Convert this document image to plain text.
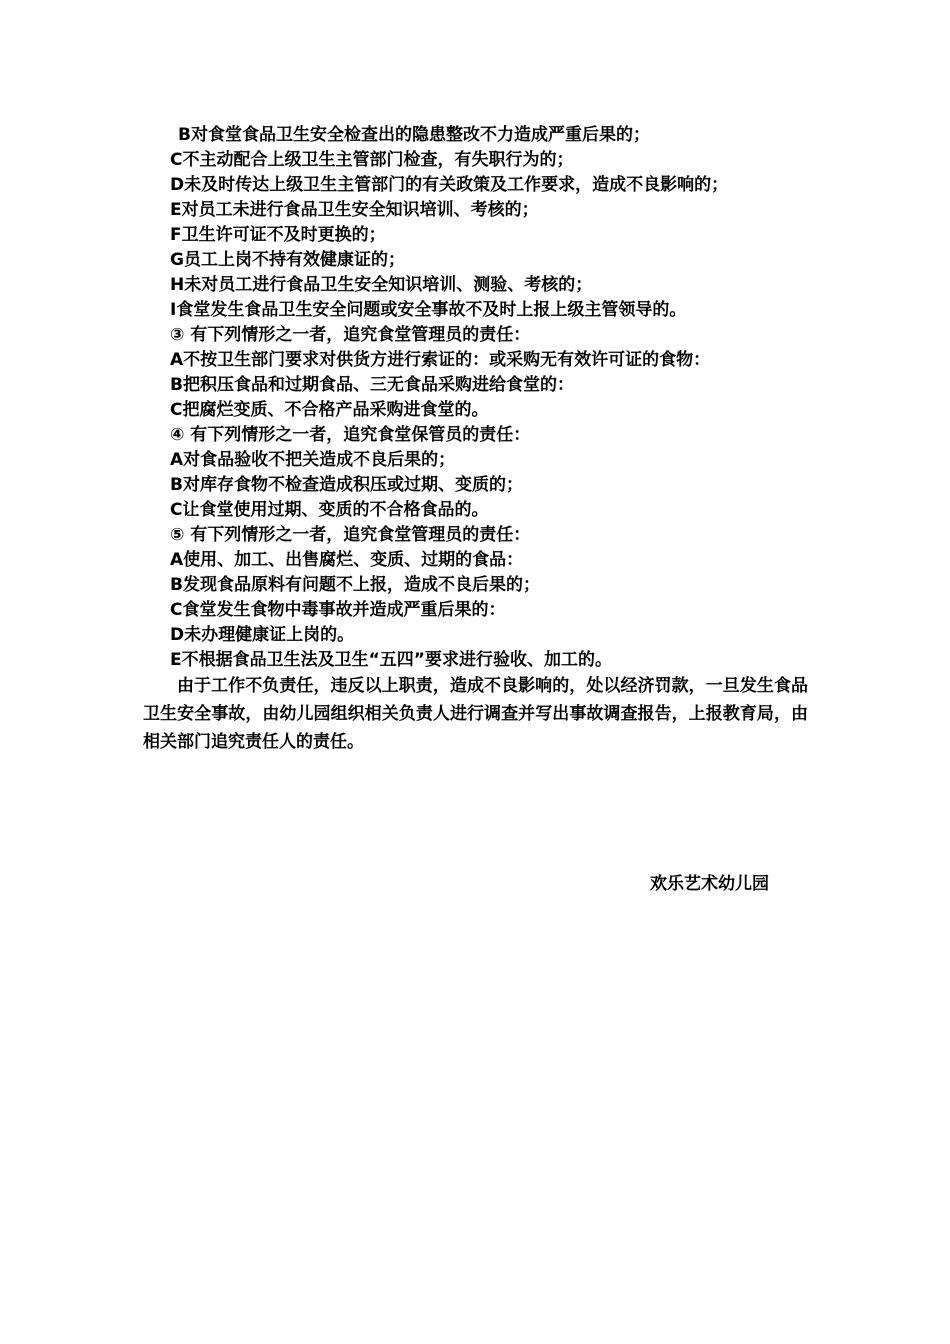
B对食堂食品卫生安全检查出的隐患整改不力造成严重后果的；
C不主动配合上级卫生主管部门检查，有失职行为的；
D未及时传达上级卫生主管部门的有关政策及工作要求，造成不良影响的；
E对员工未进行食品卫生安全知识培训、考核的；
F卫生许可证不及时更换的；
G员工上岗不持有效健康证的；
H未对员工进行食品卫生安全知识培训、测验、考核的；
I食堂发生食品卫生安全问题或安全事故不及时上报上级主管领导的。
③ 有下列情形之一者，追究食堂管理员的责任：
A不按卫生部门要求对供货方进行索证的：或采购无有效许可证的食物：
B把积压食品和过期食品、三无食品采购进给食堂的：
C把腐烂变质、不合格产品采购进食堂的。
④ 有下列情形之一者，追究食堂保管员的责任：
A对食品验收不把关造成不良后果的；
B对库存食物不检查造成积压或过期、变质的；
C让食堂使用过期、变质的不合格食品的。
⑤ 有下列情形之一者，追究食堂管理员的责任：
A使用、加工、出售腐烂、变质、过期的食品：
B发现食品原料有问题不上报，造成不良后果的；
C食堂发生食物中毒事故并造成严重后果的：
D未办理健康证上岗的。
E不根据食品卫生法及卫生“五四”要求进行验收、加工的。
由于工作不负责任，违反以上职责，造成不良影响的，处以经济罚款，一旦发生食品卫生安全事故，由幼儿园组织相关负责人进行调查并写出事故调查报告，上报教育局，由相关部门追究责任人的责任。
欢乐艺术幼儿园
